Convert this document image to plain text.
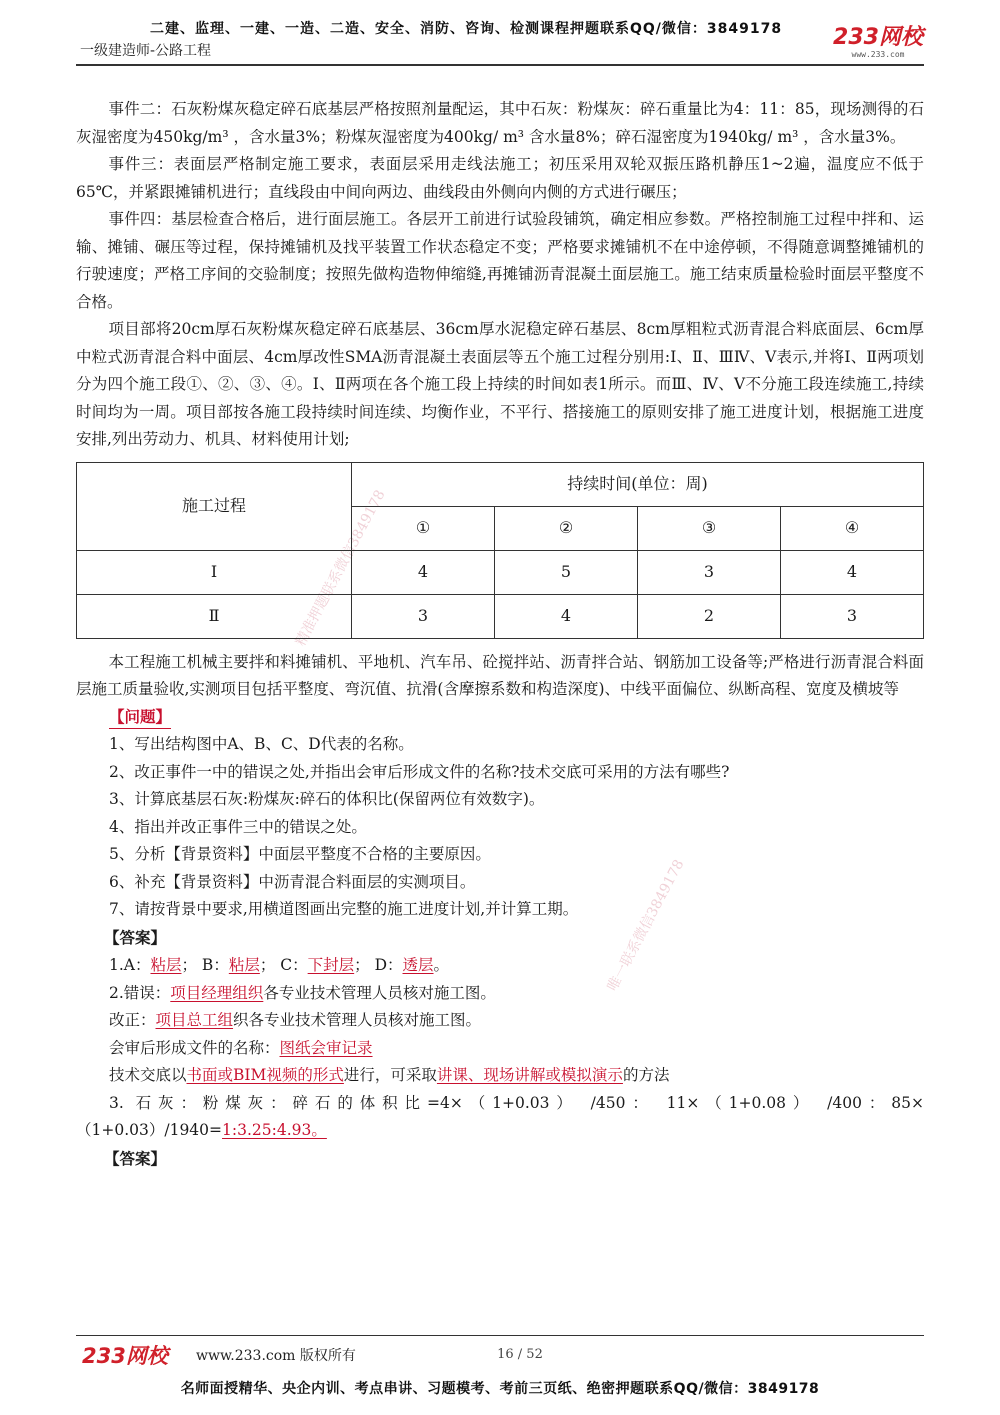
二建、监理、一建、一造、二造、安全、消防、咨询、检测课程押题联系QQ/微信：3849178
一级建造师-公路工程
233网校
www.233.com
精准押题联系微信3849178
唯一联系微信3849178

事件二：石灰粉煤灰稳定碎石底基层严格按照剂量配运，其中石灰：粉煤灰：碎石重量比为4：11：85，现场测得的石灰湿密度为450kg/m³ ，含水量3%；粉煤灰湿密度为400kg/ m³ 含水量8%；碎石湿密度为1940kg/ m³ ，含水量3%。

事件三：表面层严格制定施工要求，表面层采用走线法施工；初压采用双轮双振压路机静压1~2遍，温度应不低于65℃，并紧跟摊铺机进行；直线段由中间向两边、曲线段由外侧向内侧的方式进行碾压；

事件四：基层检查合格后，进行面层施工。各层开工前进行试验段铺筑，确定相应参数。严格控制施工过程中拌和、运输、摊铺、碾压等过程，保持摊铺机及找平装置工作状态稳定不变；严格要求摊铺机不在中途停顿，不得随意调整摊铺机的行驶速度；严格工序间的交验制度；按照先做构造物伸缩缝,再摊铺沥青混凝土面层施工。施工结束质量检验时面层平整度不合格。

项目部将20cm厚石灰粉煤灰稳定碎石底基层、36cm厚水泥稳定碎石基层、8cm厚粗粒式沥青混合料底面层、6cm厚中粒式沥青混合料中面层、4cm厚改性SMA沥青混凝土表面层等五个施工过程分别用:Ⅰ、Ⅱ、ⅢⅣ、Ⅴ表示,并将Ⅰ、Ⅱ两项划分为四个施工段①、②、③、④。Ⅰ、Ⅱ两项在各个施工段上持续的时间如表1所示。而Ⅲ、Ⅳ、Ⅴ不分施工段连续施工,持续时间均为一周。项目部按各施工段持续时间连续、均衡作业，不平行、搭接施工的原则安排了施工进度计划，根据施工进度安排,列出劳动力、机具、材料使用计划;

施工过程	持续时间(单位：周)			
	①	②	③	④
Ⅰ	4	5	3	4
Ⅱ	3	4	2	3

本工程施工机械主要拌和料摊铺机、平地机、汽车吊、砼搅拌站、沥青拌合站、钢筋加工设备等;严格进行沥青混合料面层施工质量验收,实测项目包括平整度、弯沉值、抗滑(含摩擦系数和构造深度)、中线平面偏位、纵断高程、宽度及横坡等

【问题】

1、写出结构图中A、B、C、D代表的名称。

2、改正事件一中的错误之处,并指出会审后形成文件的名称?技术交底可采用的方法有哪些?

3、计算底基层石灰:粉煤灰:碎石的体积比(保留两位有效数字)。

4、指出并改正事件三中的错误之处。

5、分析【背景资料】中面层平整度不合格的主要原因。

6、补充【背景资料】中沥青混合料面层的实测项目。

7、请按背景中要求,用横道图画出完整的施工进度计划,并计算工期。

【答案】

1.A：粘层； B：粘层； C：下封层； D：透层。

2.错误：项目经理组织各专业技术管理人员核对施工图。

改正：项目总工组织各专业技术管理人员核对施工图。

会审后形成文件的名称：图纸会审记录

技术交底以书面或BIM视频的形式进行，可采取讲课、现场讲解或模拟演示的方法

3. 石灰：粉煤灰：碎石的体积比=4×（1+0.03） /450： 11×（1+0.08） /400：85×（1+0.03）/1940=1:3.25:4.93。

【答案】

233网校 www.233.com 版权所有	16 / 52
名师面授精华、央企内训、考点串讲、习题模考、考前三页纸、绝密押题联系QQ/微信：3849178
